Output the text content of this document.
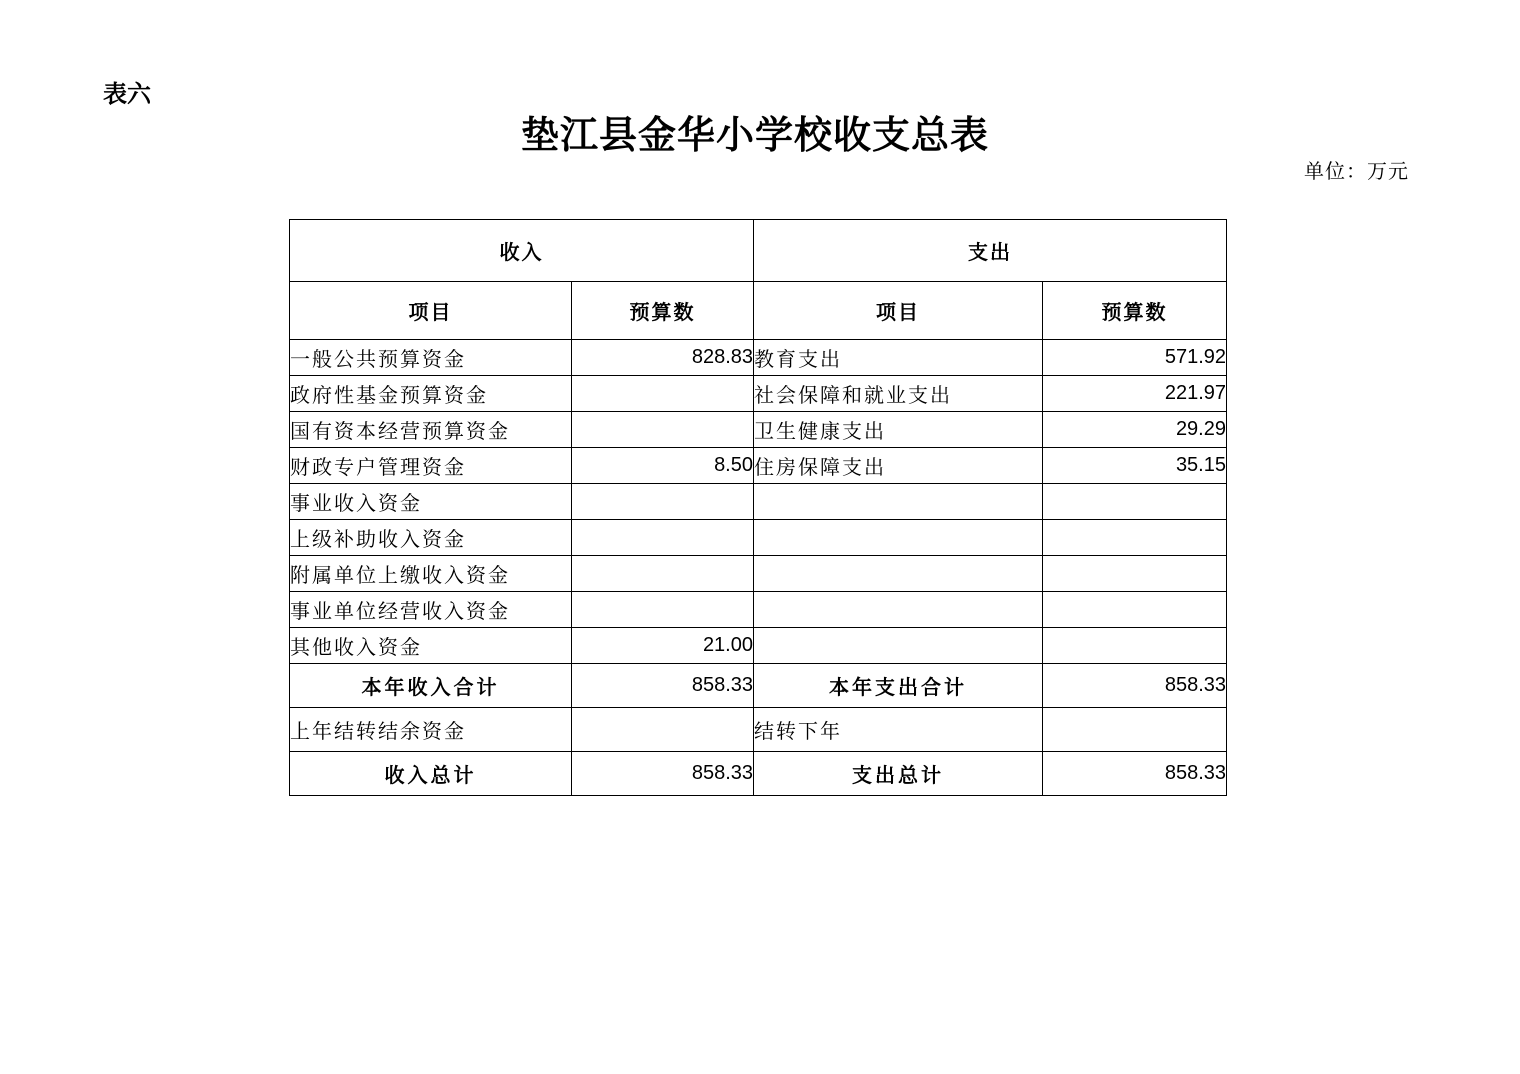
表六
垫江县金华小学校收支总表
单位：万元
收入		支出	
项目	预算数	项目	预算数
一般公共预算资金	828.83	教育支出	571.92
政府性基金预算资金		社会保障和就业支出	221.97
国有资本经营预算资金		卫生健康支出	29.29
财政专户管理资金	8.50	住房保障支出	35.15
事业收入资金			
上级补助收入资金			
附属单位上缴收入资金			
事业单位经营收入资金			
其他收入资金	21.00		
本年收入合计	858.33	本年支出合计	858.33
上年结转结余资金		结转下年	
收入总计	858.33	支出总计	858.33
